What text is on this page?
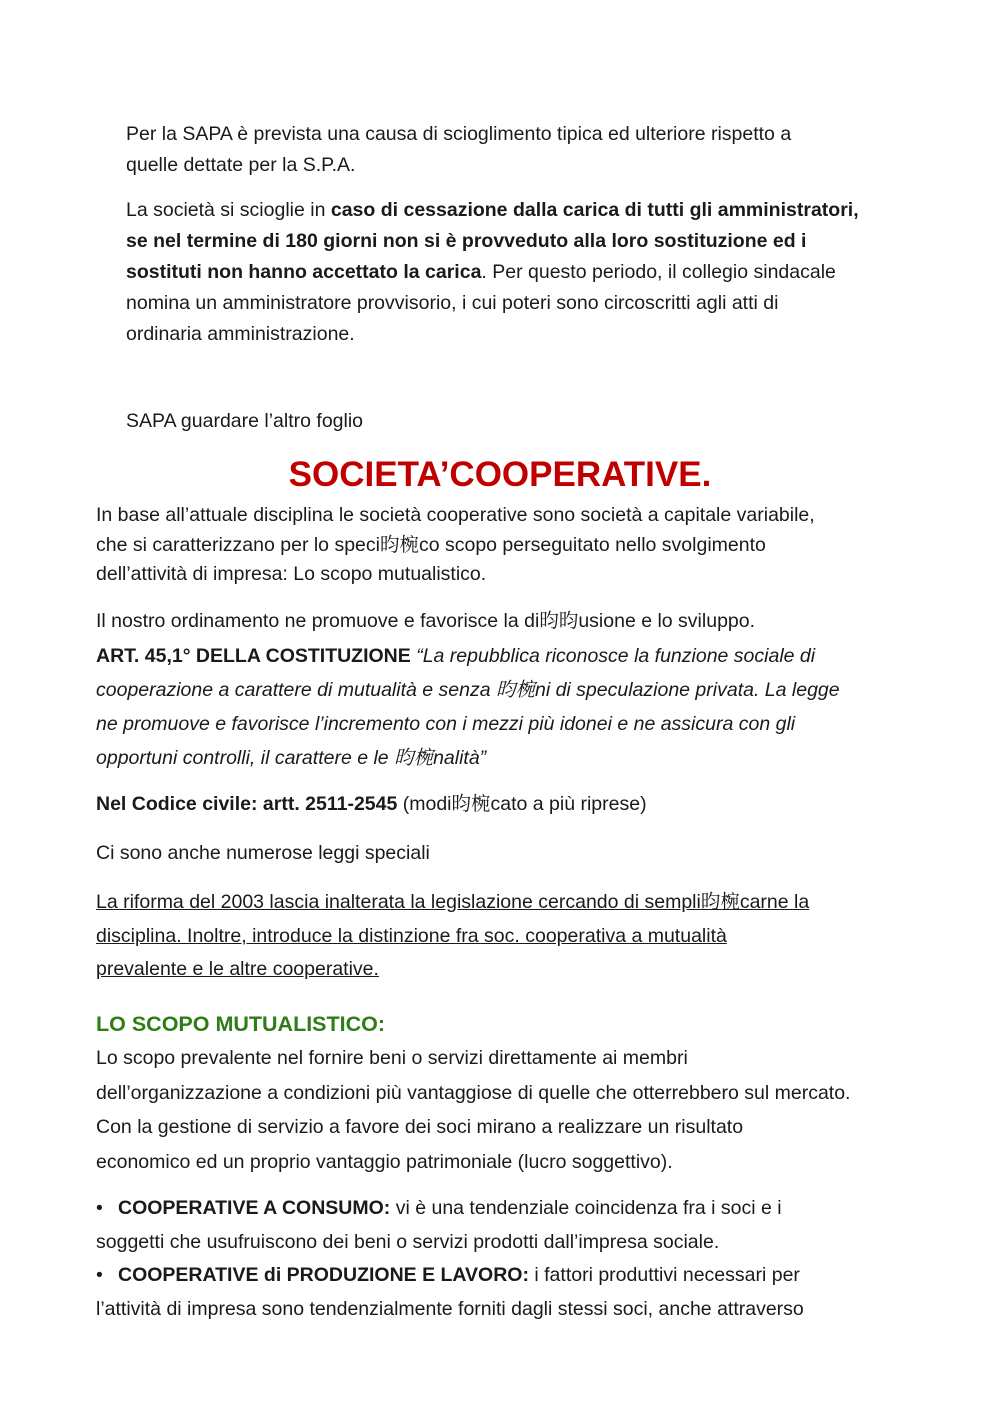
Per la SAPA è prevista una causa di scioglimento tipica ed ulteriore rispetto a
quelle dettate per la S.P.A.

La società si scioglie in caso di cessazione dalla carica di tutti gli amministratori,
se nel termine di 180 giorni non si è provveduto alla loro sostituzione ed i
sostituti non hanno accettato la carica. Per questo periodo, il collegio sindacale
nomina un amministratore provvisorio, i cui poteri sono circoscritti agli atti di
ordinaria amministrazione.

SAPA guardare l’altro foglio

SOCIETA’COOPERATIVE.

In base all’attuale disciplina le società cooperative sono società a capitale variabile,
che si caratterizzano per lo speci昀椀co scopo perseguitato nello svolgimento
dell’attività di impresa: Lo scopo mutualistico.

Il nostro ordinamento ne promuove e favorisce la di昀昀usione e lo sviluppo.

ART. 45,1° DELLA COSTITUZIONE “La repubblica riconosce la funzione sociale di
cooperazione a carattere di mutualità e senza 昀椀ni di speculazione privata. La legge
ne promuove e favorisce l’incremento con i mezzi più idonei e ne assicura con gli
opportuni controlli, il carattere e le 昀椀nalità”

Nel Codice civile: artt. 2511-2545 (modi昀椀cato a più riprese)

Ci sono anche numerose leggi speciali

La riforma del 2003 lascia inalterata la legislazione cercando di sempli昀椀carne la
disciplina. Inoltre, introduce la distinzione fra soc. cooperativa a mutualità
prevalente e le altre cooperative.

LO SCOPO MUTUALISTICO:

Lo scopo prevalente nel fornire beni o servizi direttamente ai membri
dell’organizzazione a condizioni più vantaggiose di quelle che otterrebbero sul mercato.
Con la gestione di servizio a favore dei soci mirano a realizzare un risultato
economico ed un proprio vantaggio patrimoniale (lucro soggettivo).

• COOPERATIVE A CONSUMO: vi è una tendenziale coincidenza fra i soci e i
soggetti che usufruiscono dei beni o servizi prodotti dall’impresa sociale.
• COOPERATIVE di PRODUZIONE E LAVORO: i fattori produttivi necessari per
l’attività di impresa sono tendenzialmente forniti dagli stessi soci, anche attraverso
